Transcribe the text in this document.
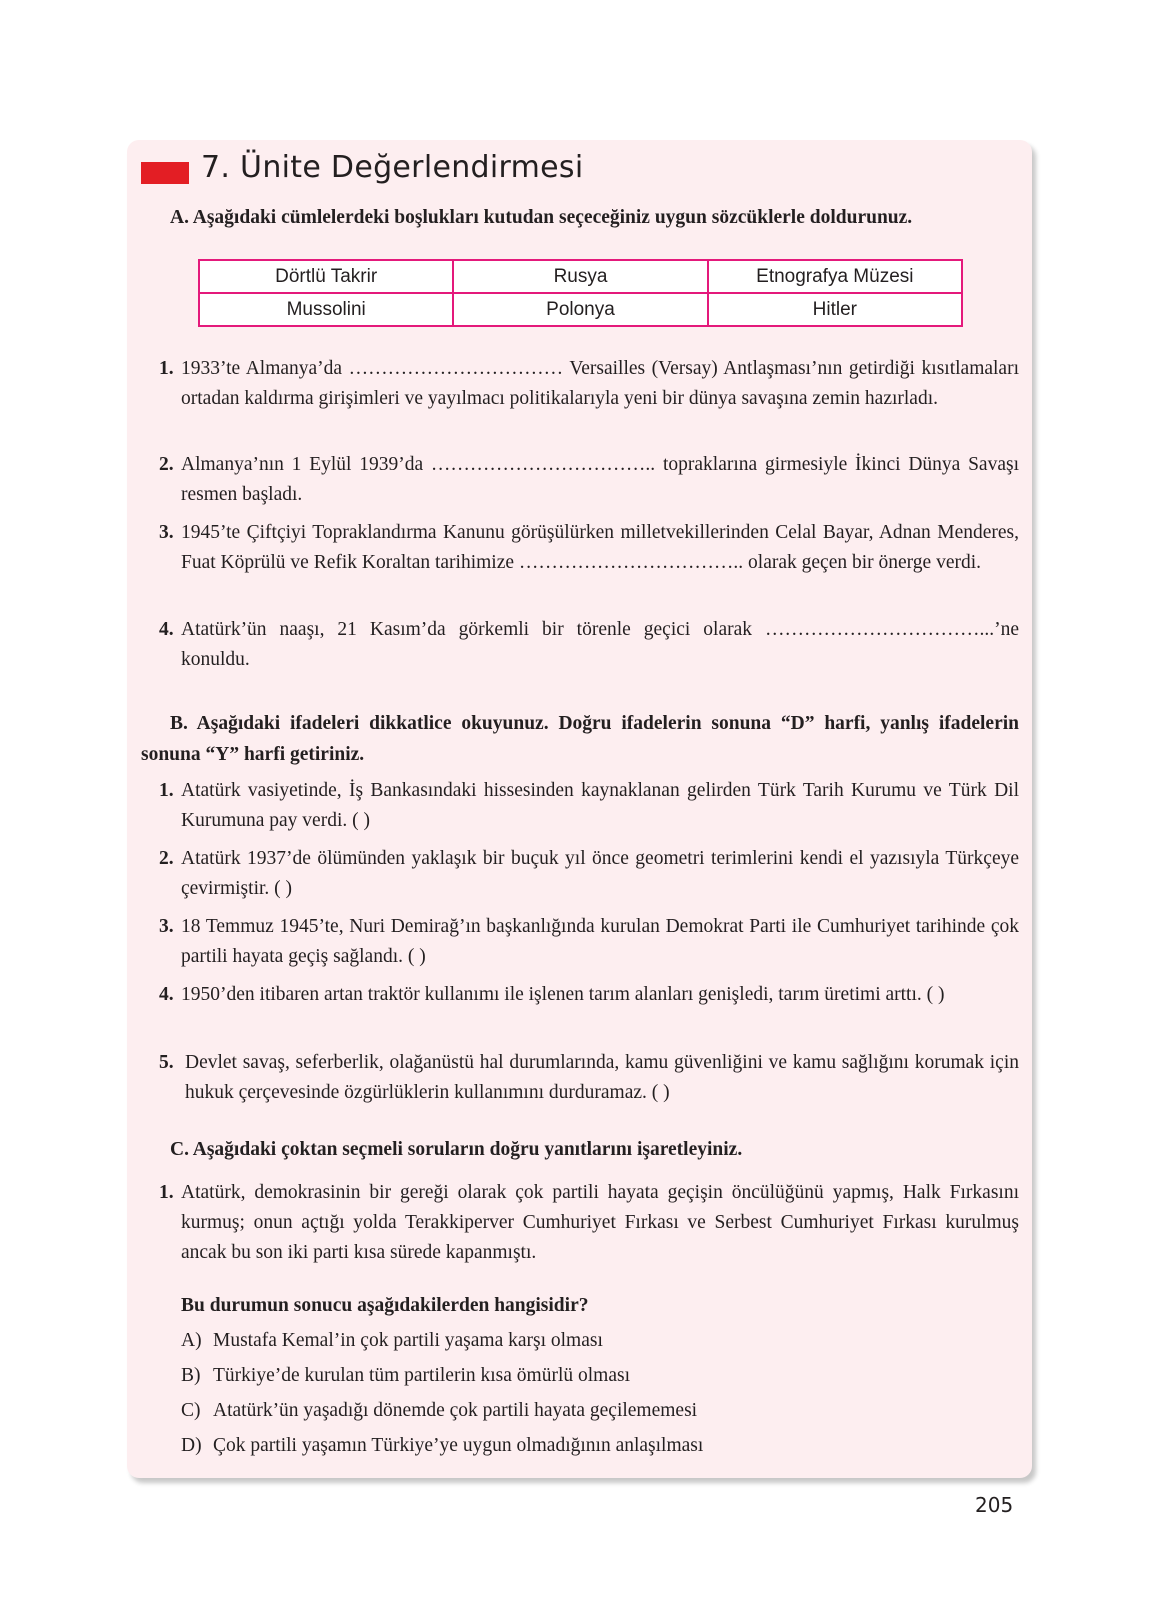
7. Ünite Değerlendirmesi
A. Aşağıdaki cümlelerdeki boşlukları kutudan seçeceğiniz uygun sözcüklerle doldurunuz.
Dörtlü Takrir	Rusya	Etnografya Müzesi
Mussolini	Polonya	Hitler
1. 1933’te Almanya’da …………………………… Versailles (Versay) Antlaşması’nın getirdiği kısıtlamaları ortadan kaldırma girişimleri ve yayılmacı politikalarıyla yeni bir dünya savaşına zemin hazırladı.
2. Almanya’nın 1 Eylül 1939’da …………………………….. topraklarına girmesiyle İkinci Dünya Savaşı resmen başladı.
3. 1945’te Çiftçiyi Topraklandırma Kanunu görüşülürken milletvekillerinden Celal Bayar, Adnan Menderes, Fuat Köprülü ve Refik Koraltan tarihimize …………………………….. olarak geçen bir önerge verdi.
4. Atatürk’ün naaşı, 21 Kasım’da görkemli bir törenle geçici olarak ……………………………...’ne konuldu.
B. Aşağıdaki ifadeleri dikkatlice okuyunuz. Doğru ifadelerin sonuna “D” harfi, yanlış ifadelerin sonuna “Y” harfi getiriniz.
1. Atatürk vasiyetinde, İş Bankasındaki hissesinden kaynaklanan gelirden Türk Tarih Kurumu ve Türk Dil Kurumuna pay verdi. ( )
2. Atatürk 1937’de ölümünden yaklaşık bir buçuk yıl önce geometri terimlerini kendi el yazısıyla Türkçeye çevirmiştir. ( )
3. 18 Temmuz 1945’te, Nuri Demirağ’ın başkanlığında kurulan Demokrat Parti ile Cumhuriyet tarihinde çok partili hayata geçiş sağlandı. ( )
4. 1950’den itibaren artan traktör kullanımı ile işlenen tarım alanları genişledi, tarım üretimi arttı. ( )
5. Devlet savaş, seferberlik, olağanüstü hal durumlarında, kamu güvenliğini ve kamu sağlığını korumak için hukuk çerçevesinde özgürlüklerin kullanımını durduramaz. ( )
C. Aşağıdaki çoktan seçmeli soruların doğru yanıtlarını işaretleyiniz.
1. Atatürk, demokrasinin bir gereği olarak çok partili hayata geçişin öncülüğünü yapmış, Halk Fırkasını kurmuş; onun açtığı yolda Terakkiperver Cumhuriyet Fırkası ve Serbest Cumhuriyet Fırkası kurulmuş ancak bu son iki parti kısa sürede kapanmıştı.
Bu durumun sonucu aşağıdakilerden hangisidir?
A) Mustafa Kemal’in çok partili yaşama karşı olması
B) Türkiye’de kurulan tüm partilerin kısa ömürlü olması
C) Atatürk’ün yaşadığı dönemde çok partili hayata geçilememesi
D) Çok partili yaşamın Türkiye’ye uygun olmadığının anlaşılması
205
